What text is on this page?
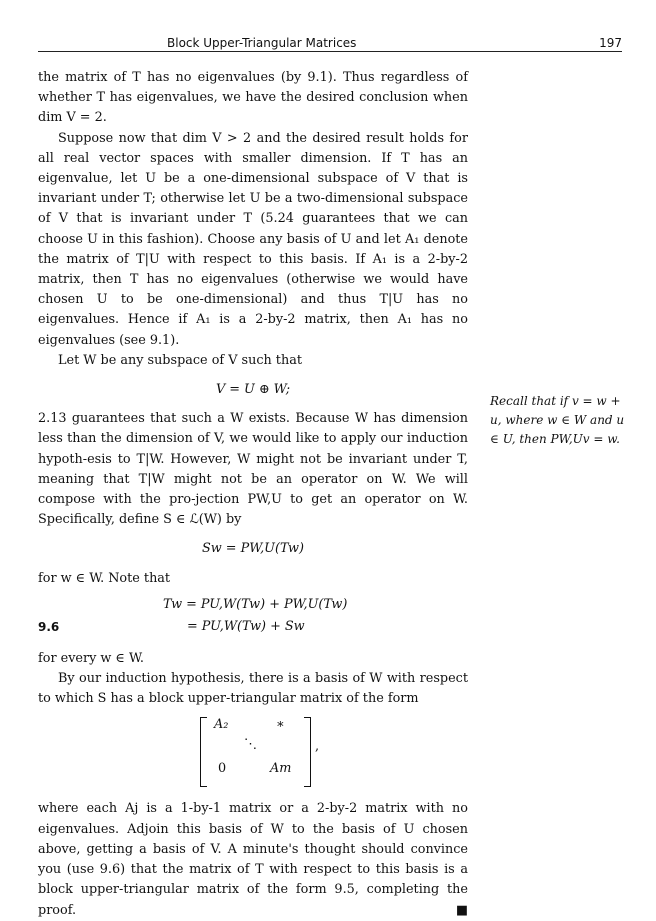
Block Upper-Triangular Matrices	197

the matrix of T has no eigenvalues (by 9.1). Thus regardless of whether T has eigenvalues, we have the desired conclusion when dim V = 2.

Suppose now that dim V > 2 and the desired result holds for all real vector spaces with smaller dimension. If T has an eigenvalue, let U be a one-dimensional subspace of V that is invariant under T; otherwise let U be a two-dimensional subspace of V that is invariant under T (5.24 guarantees that we can choose U in this fashion). Choose any basis of U and let A₁ denote the matrix of T|U with respect to this basis. If A₁ is a 2-by-2 matrix, then T has no eigenvalues (otherwise we would have chosen U to be one-dimensional) and thus T|U has no eigenvalues. Hence if A₁ is a 2-by-2 matrix, then A₁ has no eigenvalues (see 9.1).

Let W be any subspace of V such that

V = U ⊕ W;

2.13 guarantees that such a W exists. Because W has dimension less than the dimension of V, we would like to apply our induction hypoth-esis to T|W. However, W might not be invariant under T, meaning that T|W might not be an operator on W. We will compose with the pro-jection PW,U to get an operator on W. Specifically, define S ∈ ℒ(W) by

Sw = PW,U(Tw)

for w ∈ W. Note that

9.6
Tw = PU,W(Tw) + PW,U(Tw)
= PU,W(Tw) + Sw

for every w ∈ W.

By our induction hypothesis, there is a basis of W with respect to which S has a block upper-triangular matrix of the form

A₂	∗
⋱
0	Am
,

where each Aj is a 1-by-1 matrix or a 2-by-2 matrix with no eigenvalues. Adjoin this basis of W to the basis of U chosen above, getting a basis of V. A minute's thought should convince you (use 9.6) that the matrix of T with respect to this basis is a block upper-triangular matrix of the form 9.5, completing the proof.	■

Recall that if v = w + u, where w ∈ W and u ∈ U, then PW,Uv = w.
